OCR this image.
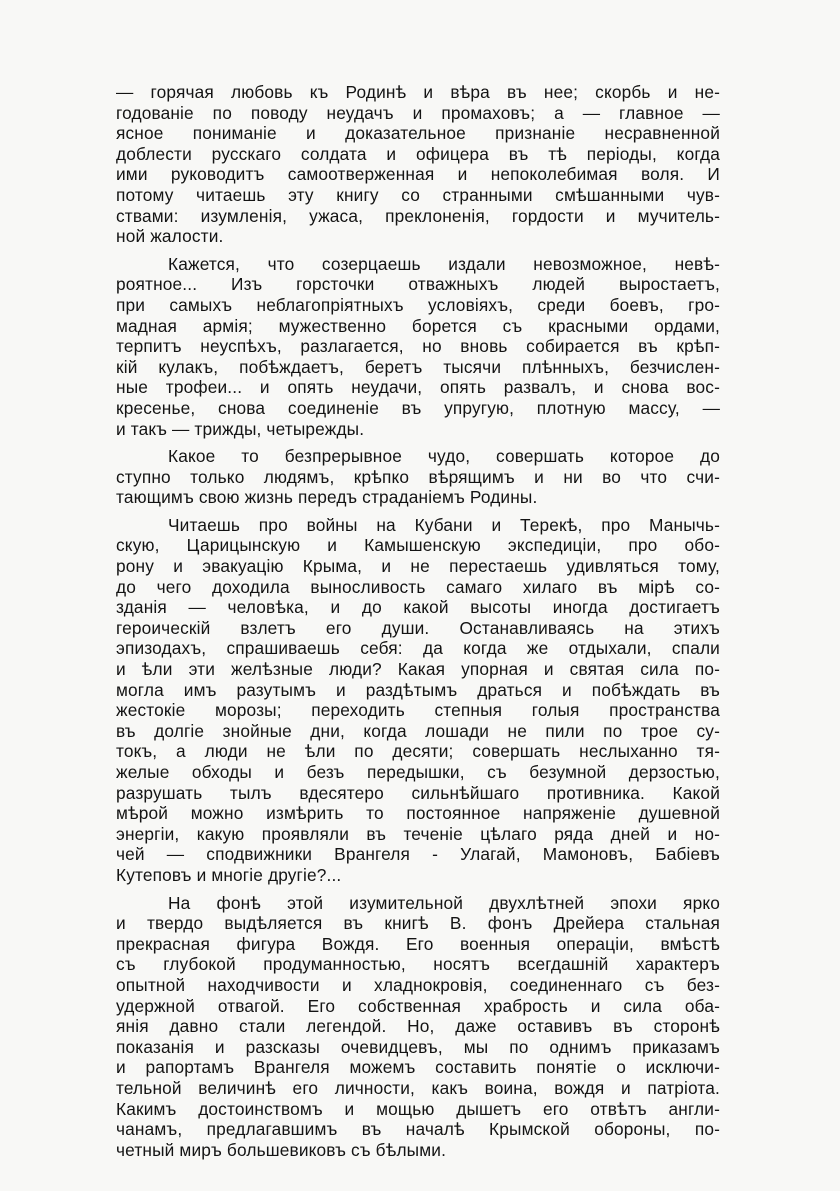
— горячая любовь къ Родинѣ и вѣра въ нее; скорбь и не-
годованіе по поводу неудачъ и промаховъ; а — главное —
ясное пониманіе и доказательное признаніе несравненной
доблести русскаго солдата и офицера въ тѣ періоды, когда
ими руководитъ самоотверженная и непоколебимая воля. И
потому читаешь эту книгу со странными смѣшанными чув-
ствами: изумленія, ужаса, преклоненія, гордости и мучитель-
ной жалости.
Кажется, что созерцаешь издали невозможное, невѣ-
роятное... Изъ горсточки отважныхъ людей выростаетъ,
при самыхъ неблагопріятныхъ условіяхъ, среди боевъ, гро-
мадная армія; мужественно борется съ красными ордами,
терпитъ неуспѣхъ, разлагается, но вновь собирается въ крѣп-
кій кулакъ, побѣждаетъ, беретъ тысячи плѣнныхъ, безчислен-
ные трофеи... и опять неудачи, опять развалъ, и снова вос-
кресенье, снова соединеніе въ упругую, плотную массу, —
и такъ — трижды, четырежды.
Какое то безпрерывное чудо, совершать которое до
ступно только людямъ, крѣпко вѣрящимъ и ни во что счи-
тающимъ свою жизнь передъ страданіемъ Родины.
Читаешь про войны на Кубани и Терекѣ, про Манычь-
скую, Царицынскую и Камышенскую экспедиціи, про обо-
рону и эвакуацію Крыма, и не перестаешь удивляться тому,
до чего доходила выносливость самаго хилаго въ мірѣ со-
зданія — человѣка, и до какой высоты иногда достигаетъ
героическій взлетъ его души. Останавливаясь на этихъ
эпизодахъ, спрашиваешь себя: да когда же отдыхали, спали
и ѣли эти желѣзные люди? Какая упорная и святая сила по-
могла имъ разутымъ и раздѣтымъ драться и побѣждать въ
жестокіе морозы; переходить степныя голыя пространства
въ долгіе знойные дни, когда лошади не пили по трое су-
токъ, а люди не ѣли по десяти; совершать неслыханно тя-
желые обходы и безъ передышки, съ безумной дерзостью,
разрушать тылъ вдесятеро сильнѣйшаго противника. Какой
мѣрой можно измѣрить то постоянное напряженіе душевной
энергіи, какую проявляли въ теченіе цѣлаго ряда дней и но-
чей — сподвижники Врангеля - Улагай, Мамоновъ, Бабіевъ
Кутеповъ и многіе другіе?...
На фонѣ этой изумительной двухлѣтней эпохи ярко
и твердо выдѣляется въ книгѣ В. фонъ Дрейера стальная
прекрасная фигура Вождя. Его военныя операціи, вмѣстѣ
съ глубокой продуманностью, носятъ всегдашній характеръ
опытной находчивости и хладнокровія, соединеннаго съ без-
удержной отвагой. Его собственная храбрость и сила оба-
янія давно стали легендой. Но, даже оставивъ въ сторонѣ
показанія и разсказы очевидцевъ, мы по однимъ приказамъ
и рапортамъ Врангеля можемъ составить понятіе о исключи-
тельной величинѣ его личности, какъ воина, вождя и патріота.
Какимъ достоинствомъ и мощью дышетъ его отвѣтъ англи-
чанамъ, предлагавшимъ въ началѣ Крымской обороны, по-
четный миръ большевиковъ съ бѣлыми.
